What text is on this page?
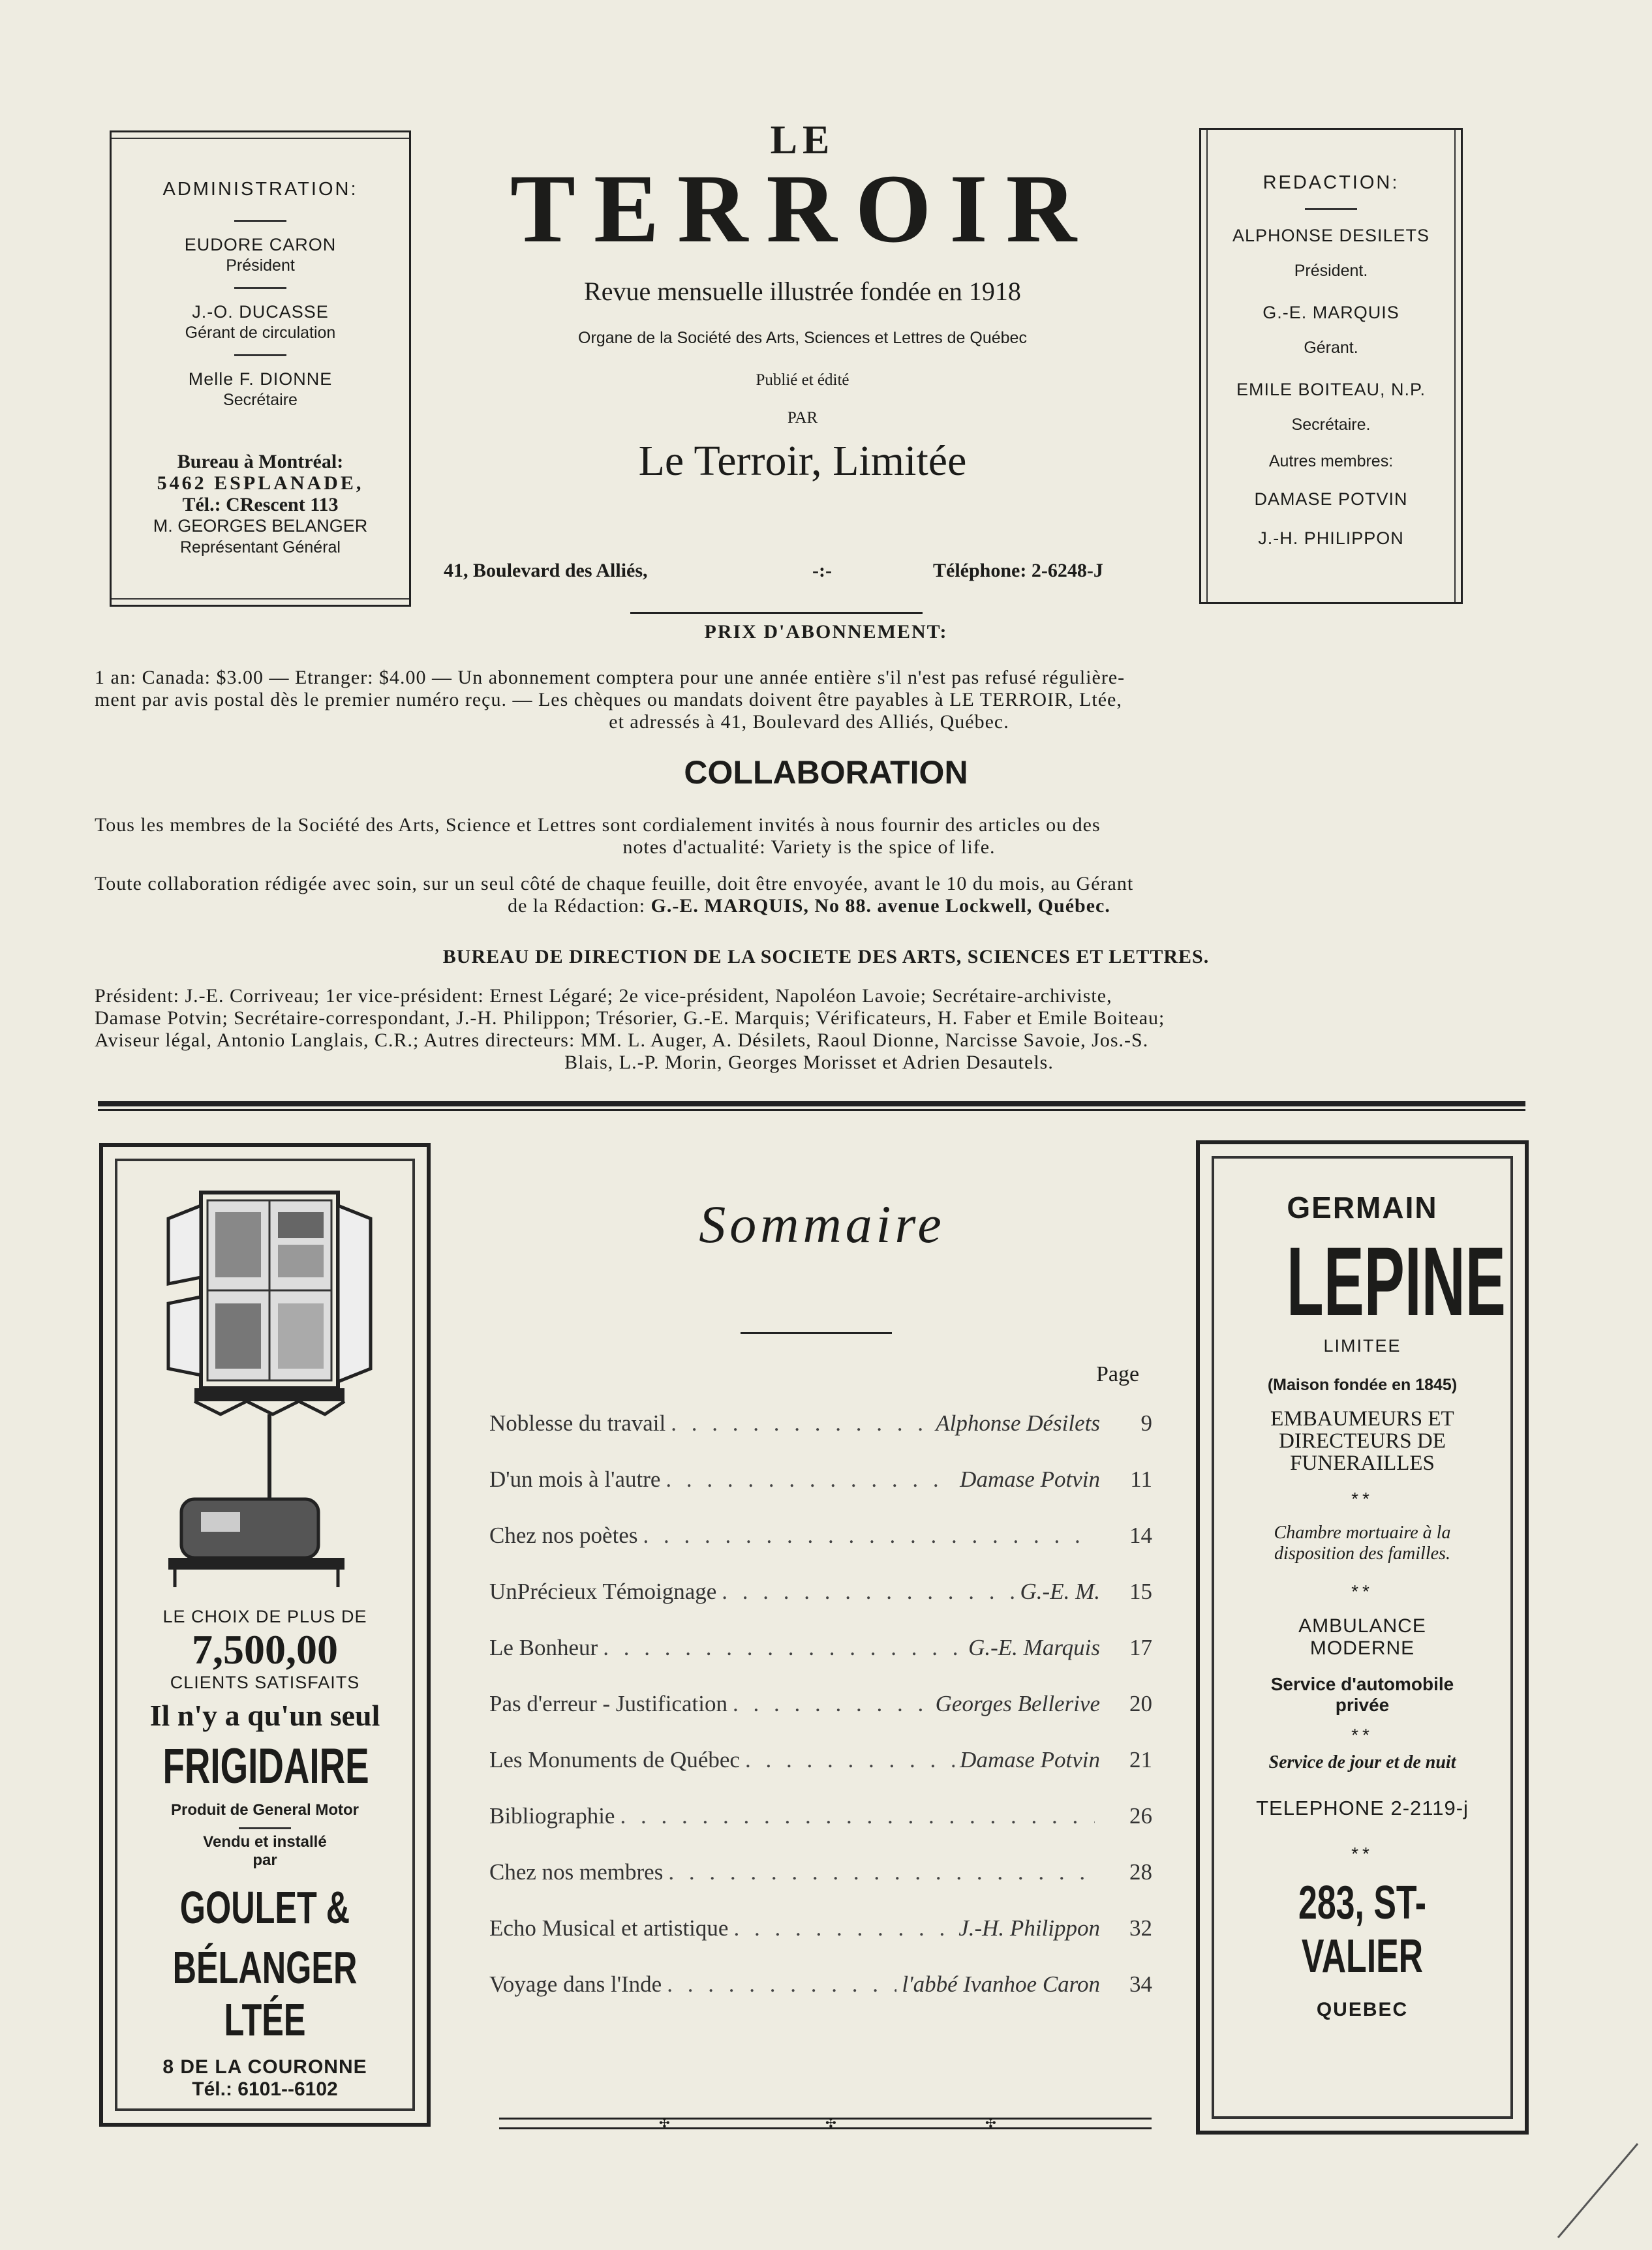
ADMINISTRATION:

EUDORE CARON

Président

J.-O. DUCASSE

Gérant de circulation

Melle F. DIONNE

Secrétaire

Bureau à Montréal:
5462 ESPLANADE,
Tél.: CRescent 113
M. GEORGES BELANGER
Représentant Général
LE
TERROIR
Revue mensuelle illustrée fondée en 1918
Organe de la Société des Arts, Sciences et Lettres de Québec
Publié et édité
PAR
Le Terroir, Limitée
41, Boulevard des Alliés,	-:-	Téléphone: 2-6248-J

REDACTION:

ALPHONSE DESILETS

Président.

G.-E. MARQUIS

Gérant.

EMILE BOITEAU, N.P.

Secrétaire.

Autres membres:

DAMASE POTVIN

J.-H. PHILIPPON

PRIX D'ABONNEMENT:
1 an: Canada: $3.00 — Etranger: $4.00 — Un abonnement comptera pour une année entière s'il n'est pas refusé régulière-
ment par avis postal dès le premier numéro reçu. — Les chèques ou mandats doivent être payables à LE TERROIR, Ltée,
et adressés à 41, Boulevard des Alliés, Québec.
COLLABORATION
Tous les membres de la Société des Arts, Science et Lettres sont cordialement invités à nous fournir des articles ou des
notes d'actualité: Variety is the spice of life.
Toute collaboration rédigée avec soin, sur un seul côté de chaque feuille, doit être envoyée, avant le 10 du mois, au Gérant
de la Rédaction: G.-E. MARQUIS, No 88. avenue Lockwell, Québec.
BUREAU DE DIRECTION DE LA SOCIETE DES ARTS, SCIENCES ET LETTRES.
Président: J.-E. Corriveau; 1er vice-président: Ernest Légaré; 2e vice-président, Napoléon Lavoie; Secrétaire-archiviste,
Damase Potvin; Secrétaire-correspondant, J.-H. Philippon; Trésorier, G.-E. Marquis; Vérificateurs, H. Faber et Emile Boiteau;
Aviseur légal, Antonio Langlais, C.R.; Autres directeurs: MM. L. Auger, A. Désilets, Raoul Dionne, Narcisse Savoie, Jos.-S.
Blais, L.-P. Morin, Georges Morisset et Adrien Desautels.
LE CHOIX DE PLUS DE
7,500,00
CLIENTS SATISFAITS
Il n'y a qu'un seul
FRIGIDAIRE
Produit de General Motor
Vendu et installé
par
GOULET &
BÉLANGER LTÉE
8 DE LA COURONNE
Tél.: 6101--6102
Sommaire
Page
Noblesse du travail . . .	Alphonse Désilets	9
D'un mois à l'autre . . .	Damase Potvin	11
Chez nos poètes . . .	14
UnPrécieux Témoignage . . .	G.-E. M.	15
Le Bonheur . . .	G.-E. Marquis	17
Pas d'erreur - Justification . . .	Georges Bellerive	20
Les Monuments de Québec . . .	Damase Potvin	21
Bibliographie . . .	26
Chez nos membres . . .	28
Echo Musical et artistique . . .	J.-H. Philippon	32
Voyage dans l'Inde . . .	l'abbé Ivanhoe Caron	34
✣	✣	✣
GERMAIN
LEPINE
LIMITEE
(Maison fondée en 1845)
EMBAUMEURS ET
DIRECTEURS DE
FUNERAILLES
**
Chambre mortuaire à la
disposition des familles.
**
AMBULANCE
MODERNE
Service d'automobile
privée
**
Service de jour et de nuit
TELEPHONE 2-2119-j
**
283, ST-VALIER
QUEBEC
